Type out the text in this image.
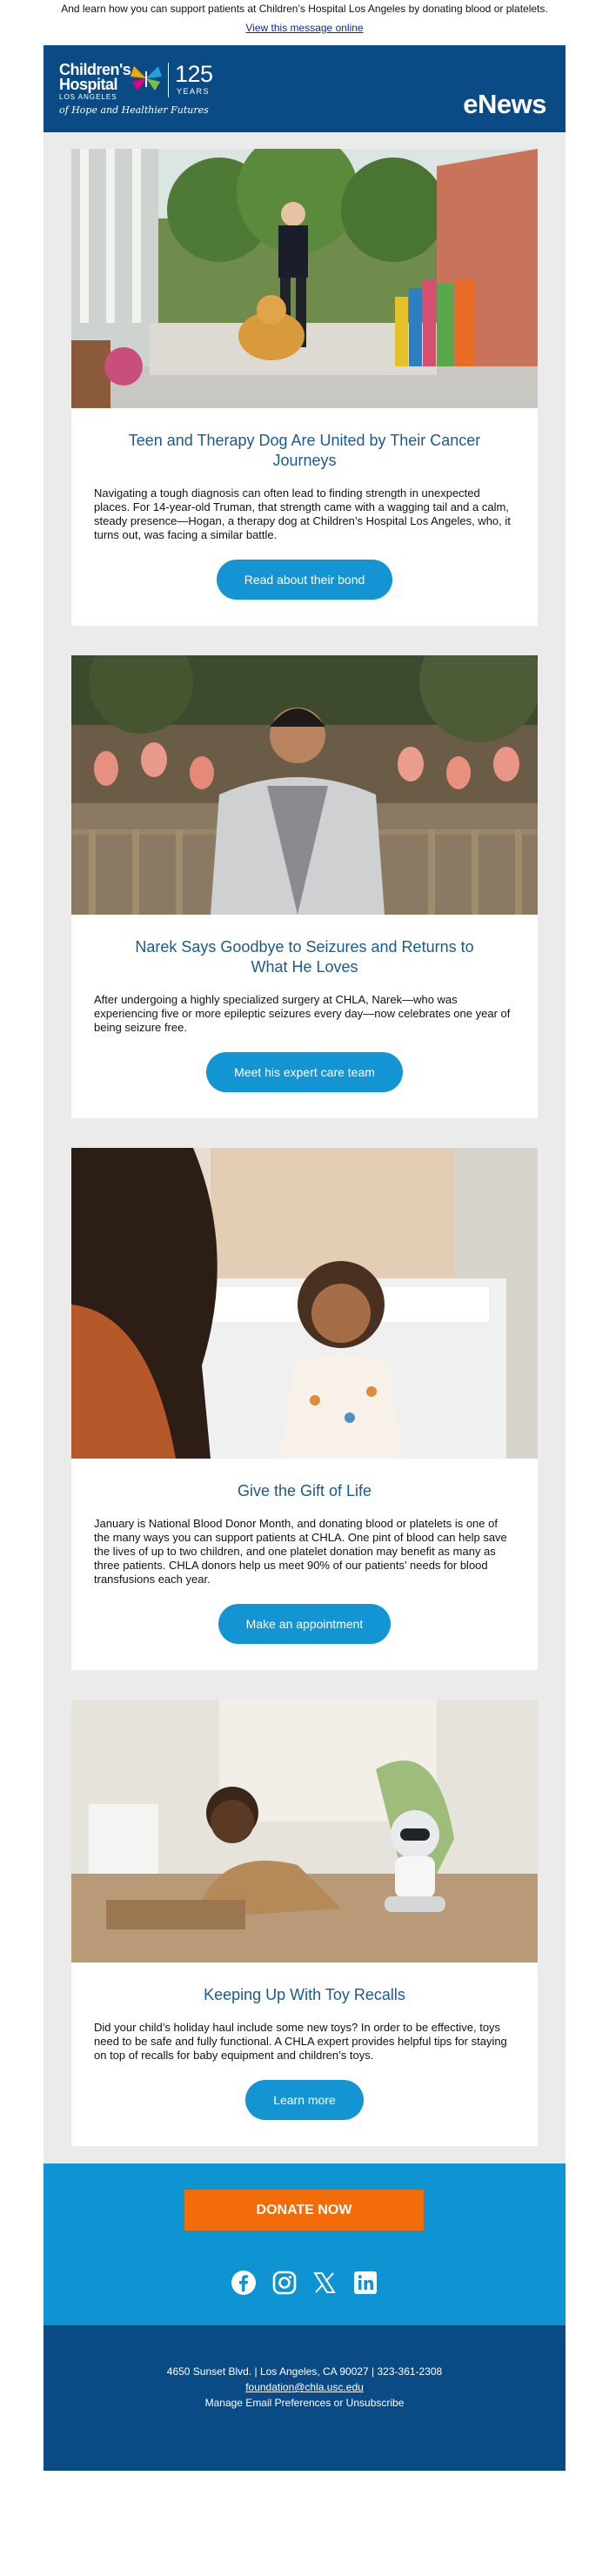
And learn how you can support patients at Children’s Hospital Los Angeles by donating blood or platelets.
View this message online
Children's
Hospital
LOS ANGELES
125
YEARS
of Hope and Healthier Futures	eNews
Teen and Therapy Dog Are United by Their Cancer Journeys

Navigating a tough diagnosis can often lead to finding strength in unexpected places. For 14-year-old Truman, that strength came with a wagging tail and a calm, steady presence—Hogan, a therapy dog at Children’s Hospital Los Angeles, who, it turns out, was facing a similar battle.

Read about their bond
Narek Says Goodbye to Seizures and Returns to What He Loves

After undergoing a highly specialized surgery at CHLA, Narek—who was experiencing five or more epileptic seizures every day—now celebrates one year of being seizure free.

Meet his expert care team
Give the Gift of Life

January is National Blood Donor Month, and donating blood or platelets is one of the many ways you can support patients at CHLA. One pint of blood can help save the lives of up to two children, and one platelet donation may benefit as many as three patients. CHLA donors help us meet 90% of our patients’ needs for blood transfusions each year.

Make an appointment
Keeping Up With Toy Recalls

Did your child’s holiday haul include some new toys? In order to be effective, toys need to be safe and fully functional. A CHLA expert provides helpful tips for staying on top of recalls for baby equipment and children’s toys.

Learn more
DONATE NOW

4650 Sunset Blvd. | Los Angeles, CA 90027 | 323-361-2308
foundation@chla.usc.edu
Manage Email Preferences or Unsubscribe
